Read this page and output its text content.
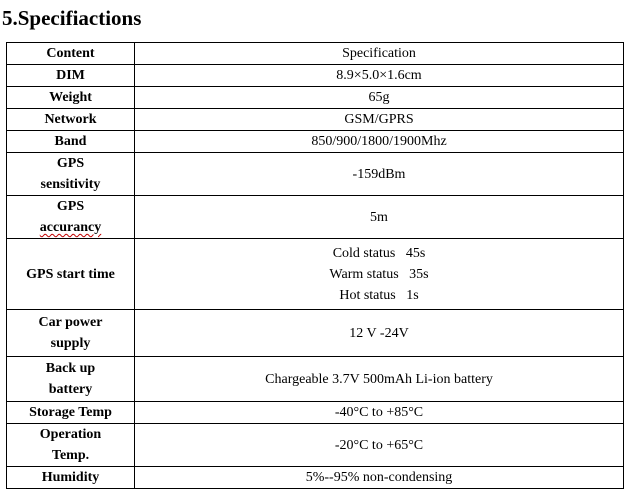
5.Specifiactions
Content	Specification

DIM	8.9×5.0×1.6cm

Weight	65g

Network	GSM/GPRS

Band	850/900/1800/1900Mhz

GPS
sensitivity	-159dBm

GPS
accurancy	5m

GPS start time	Cold status   45s
Warm status   35s
Hot status   1s

Car power
supply	12 V -24V

Back up
battery	Chargeable 3.7V 500mAh Li-ion battery

Storage Temp	-40°C to +85°C

Operation
Temp.	-20°C to +65°C

Humidity	5%--95% non-condensing
